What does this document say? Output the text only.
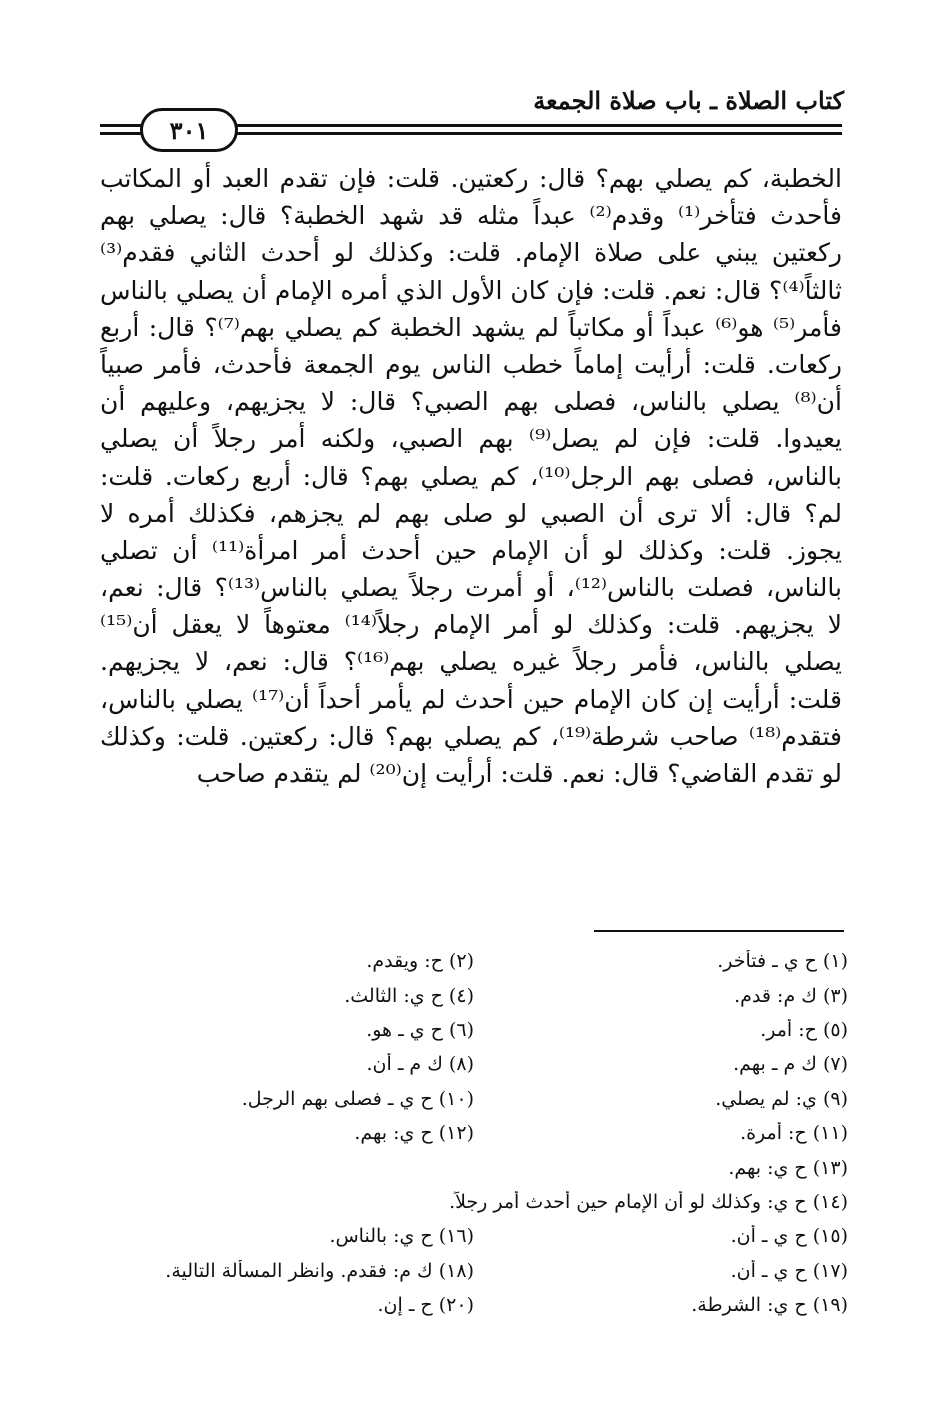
كتاب الصلاة ـ باب صلاة الجمعة
٣٠١
الخطبة، كم يصلي بهم؟ قال: ركعتين. قلت: فإن تقدم العبد أو المكاتب
فأحدث فتأخر⁽¹⁾ وقدم⁽²⁾ عبداً مثله قد شهد الخطبة؟ قال: يصلي بهم
ركعتين يبني على صلاة الإمام. قلت: وكذلك لو أحدث الثاني فقدم⁽³⁾
ثالثاً⁽⁴⁾؟ قال: نعم. قلت: فإن كان الأول الذي أمره الإمام أن يصلي بالناس
فأمر⁽⁵⁾ هو⁽⁶⁾ عبداً أو مكاتباً لم يشهد الخطبة كم يصلي بهم⁽⁷⁾؟ قال: أربع
ركعات. قلت: أرأيت إماماً خطب الناس يوم الجمعة فأحدث، فأمر صبياً
أن⁽⁸⁾ يصلي بالناس، فصلى بهم الصبي؟ قال: لا يجزيهم، وعليهم أن
يعيدوا. قلت: فإن لم يصل⁽⁹⁾ بهم الصبي، ولكنه أمر رجلاً أن يصلي
بالناس، فصلى بهم الرجل⁽¹⁰⁾، كم يصلي بهم؟ قال: أربع ركعات. قلت:
لم؟ قال: ألا ترى أن الصبي لو صلى بهم لم يجزهم، فكذلك أمره لا
يجوز. قلت: وكذلك لو أن الإمام حين أحدث أمر امرأة⁽¹¹⁾ أن تصلي
بالناس، فصلت بالناس⁽¹²⁾، أو أمرت رجلاً يصلي بالناس⁽¹³⁾؟ قال: نعم،
لا يجزيهم. قلت: وكذلك لو أمر الإمام رجلاً⁽¹⁴⁾ معتوهاً لا يعقل أن⁽¹⁵⁾
يصلي بالناس، فأمر رجلاً غيره يصلي بهم⁽¹⁶⁾؟ قال: نعم، لا يجزيهم.
قلت: أرأيت إن كان الإمام حين أحدث لم يأمر أحداً أن⁽¹⁷⁾ يصلي بالناس،
فتقدم⁽¹⁸⁾ صاحب شرطة⁽¹⁹⁾، كم يصلي بهم؟ قال: ركعتين. قلت: وكذلك
لو تقدم القاضي؟ قال: نعم. قلت: أرأيت إن⁽²⁰⁾ لم يتقدم صاحب
(١) ح ي ـ فتأخر.
(٢) ح: ويقدم.
(٣) ك م: قدم.
(٤) ح ي: الثالث.
(٥) ح: أمر.
(٦) ح ي ـ هو.
(٧) ك م ـ بهم.
(٨) ك م ـ أن.
(٩) ي: لم يصلي.
(١٠) ح ي ـ فصلى بهم الرجل.
(١١) ح: أمرة.
(١٢) ح ي: بهم.
(١٣) ح ي: بهم.
(١٤) ح ي: وكذلك لو أن الإمام حين أحدث أمر رجلاً.
(١٥) ح ي ـ أن.
(١٦) ح ي: بالناس.
(١٧) ح ي ـ أن.
(١٨) ك م: فقدم. وانظر المسألة التالية.
(١٩) ح ي: الشرطة.
(٢٠) ح ـ إن.
